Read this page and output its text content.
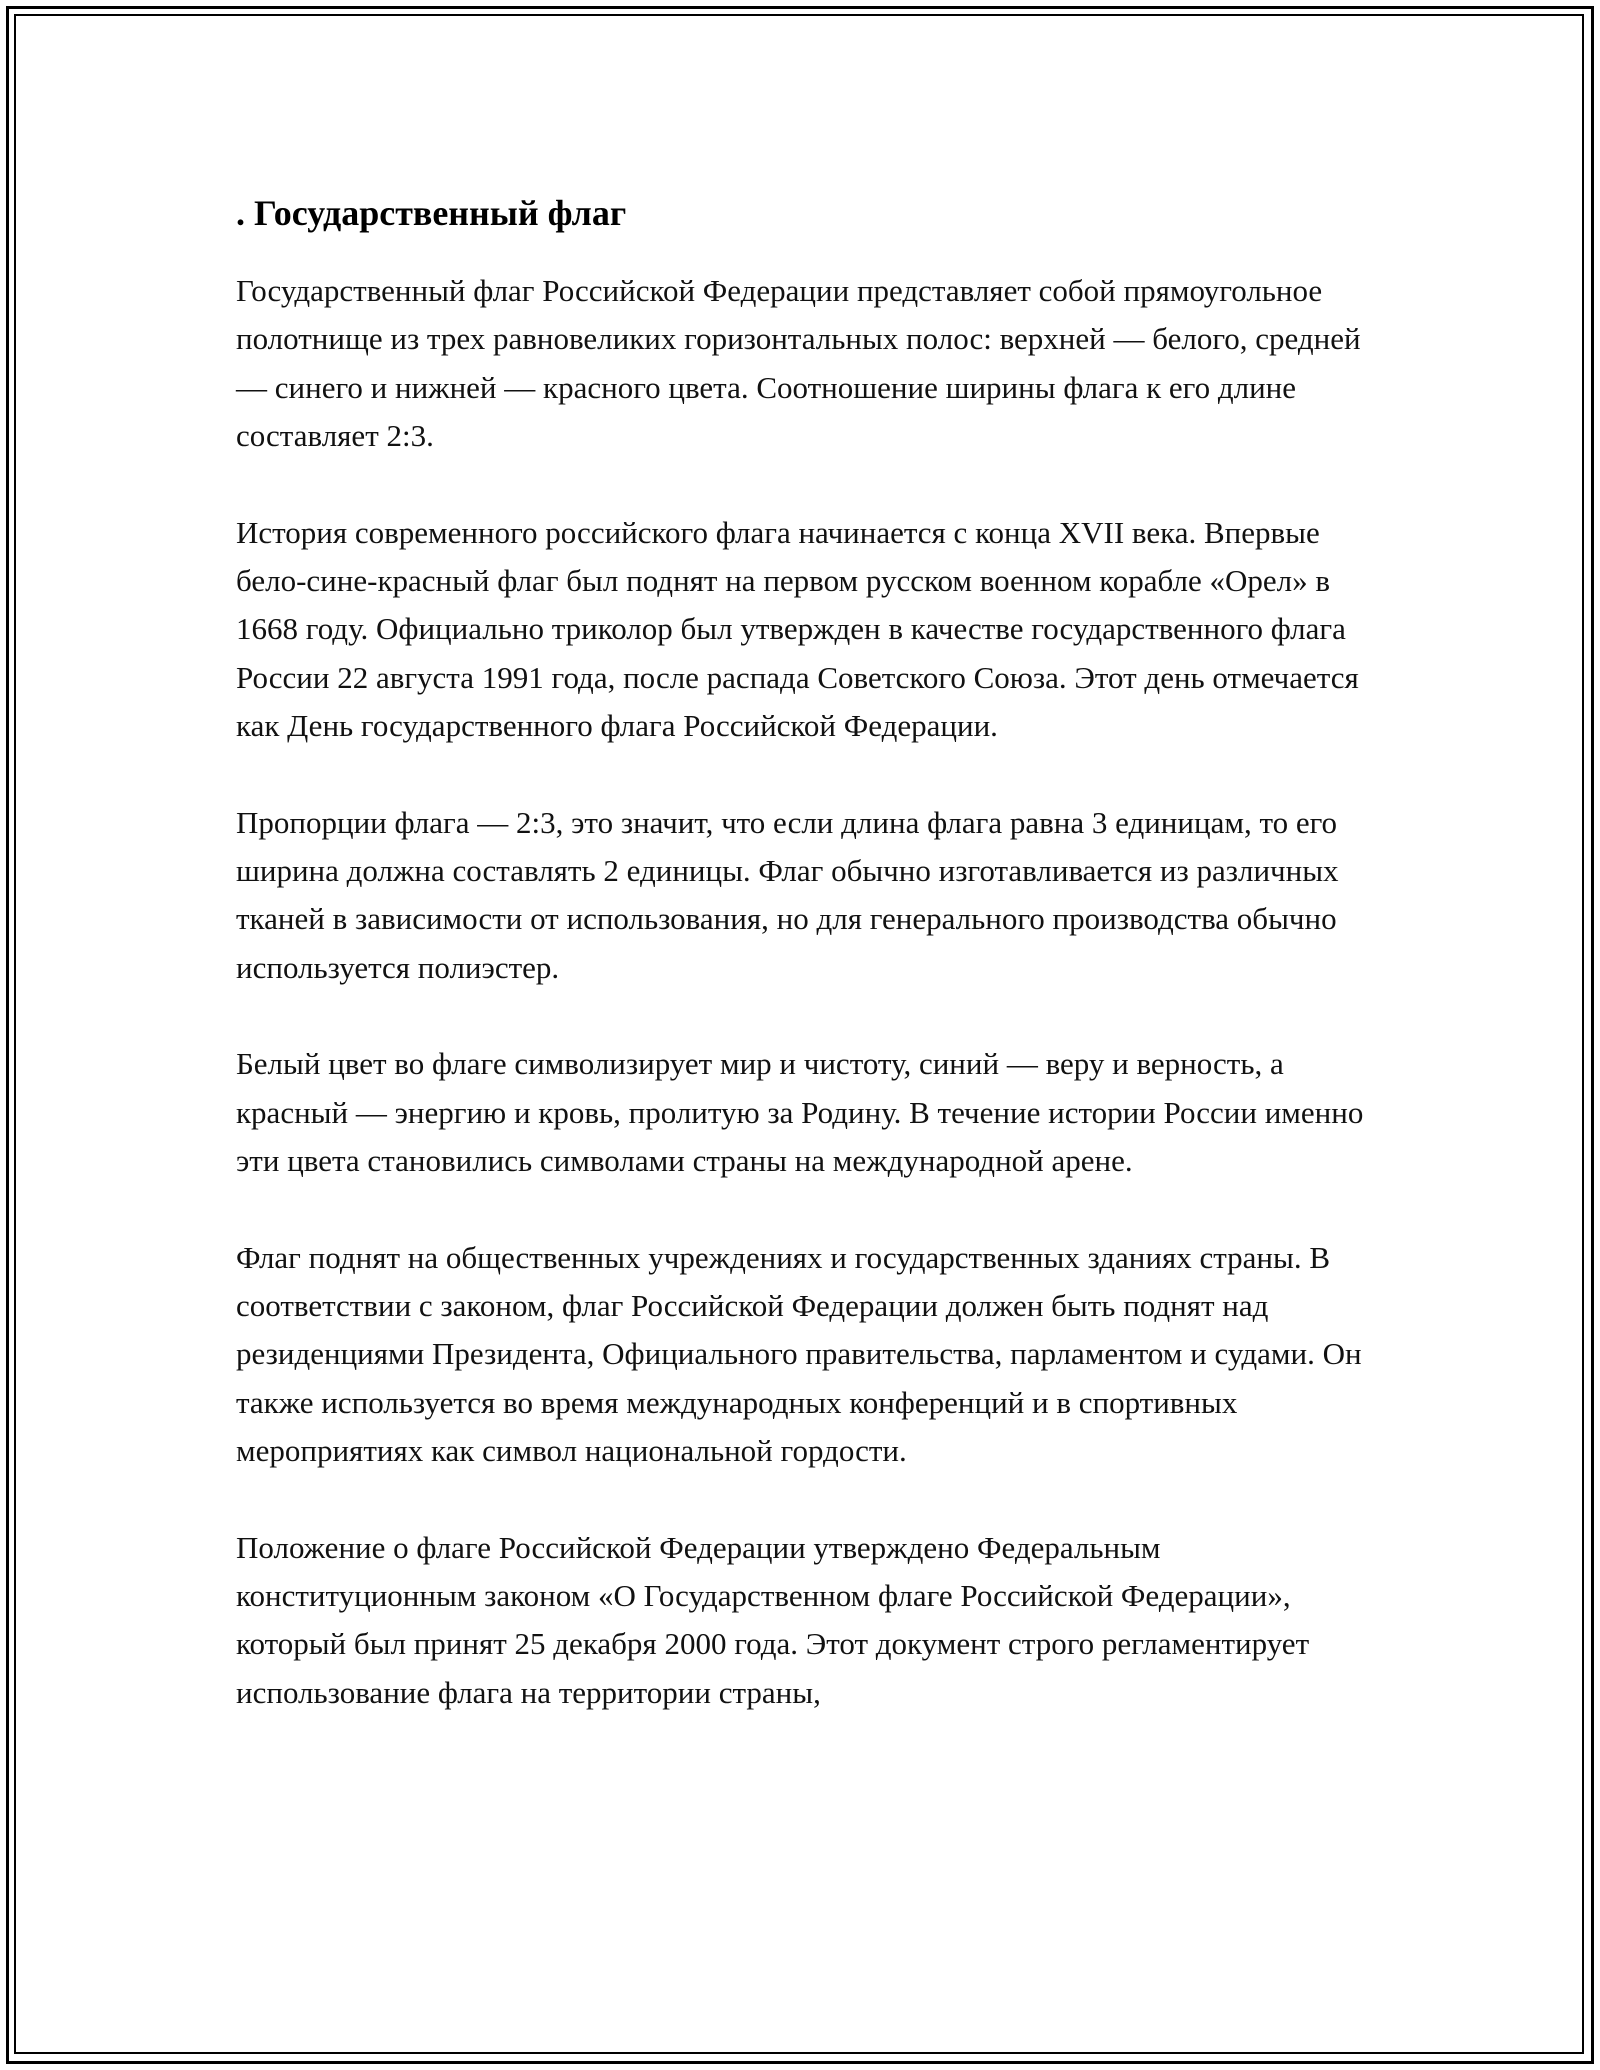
. Государственный флаг

Государственный флаг Российской Федерации представляет собой прямоугольное полотнище из трех равновеликих горизонтальных полос: верхней — белого, средней — синего и нижней — красного цвета. Соотношение ширины флага к его длине составляет 2:3.

История современного российского флага начинается с конца XVII века. Впервые бело-сине-красный флаг был поднят на первом русском военном корабле «Орел» в 1668 году. Официально триколор был утвержден в качестве государственного флага России 22 августа 1991 года, после распада Советского Союза. Этот день отмечается как День государственного флага Российской Федерации.

Пропорции флага — 2:3, это значит, что если длина флага равна 3 единицам, то его ширина должна составлять 2 единицы. Флаг обычно изготавливается из различных тканей в зависимости от использования, но для генерального производства обычно используется полиэстер.

Белый цвет во флаге символизирует мир и чистоту, синий — веру и верность, а красный — энергию и кровь, пролитую за Родину. В течение истории России именно эти цвета становились символами страны на международной арене.

Флаг поднят на общественных учреждениях и государственных зданиях страны. В соответствии с законом, флаг Российской Федерации должен быть поднят над резиденциями Президента, Официального правительства, парламентом и судами. Он также используется во время международных конференций и в спортивных мероприятиях как символ национальной гордости.

Положение о флаге Российской Федерации утверждено Федеральным конституционным законом «О Государственном флаге Российской Федерации», который был принят 25 декабря 2000 года. Этот документ строго регламентирует использование флага на территории страны,
